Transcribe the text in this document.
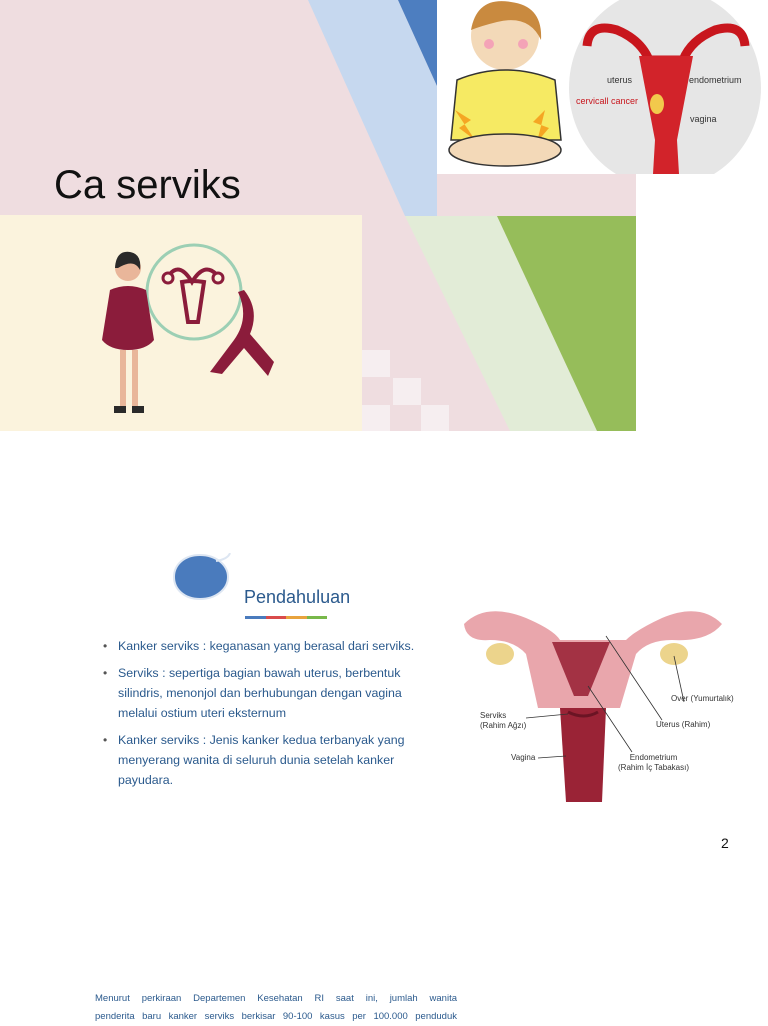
Ca serviks
uterus	endometrium
cervicall cancer
vagina
Pendahuluan
• Kanker serviks : keganasan yang berasal dari serviks.
• Serviks : sepertiga bagian bawah uterus, berbentuk silindris, menonjol dan berhubungan dengan vagina melalui ostium uteri eksternum
• Kanker serviks : Jenis kanker kedua terbanyak yang menyerang wanita di seluruh dunia setelah kanker payudara.
Over (Yumurtalık)
Serviks
(Rahim Ağzı)	Uterus (Rahim)
Vagina	Endometrium
(Rahim İç Tabakası)
2
Menurut perkiraan Departemen Kesehatan RI saat ini, jumlah wanita
penderita baru kanker serviks berkisar 90-100 kasus per 100.000 penduduk
